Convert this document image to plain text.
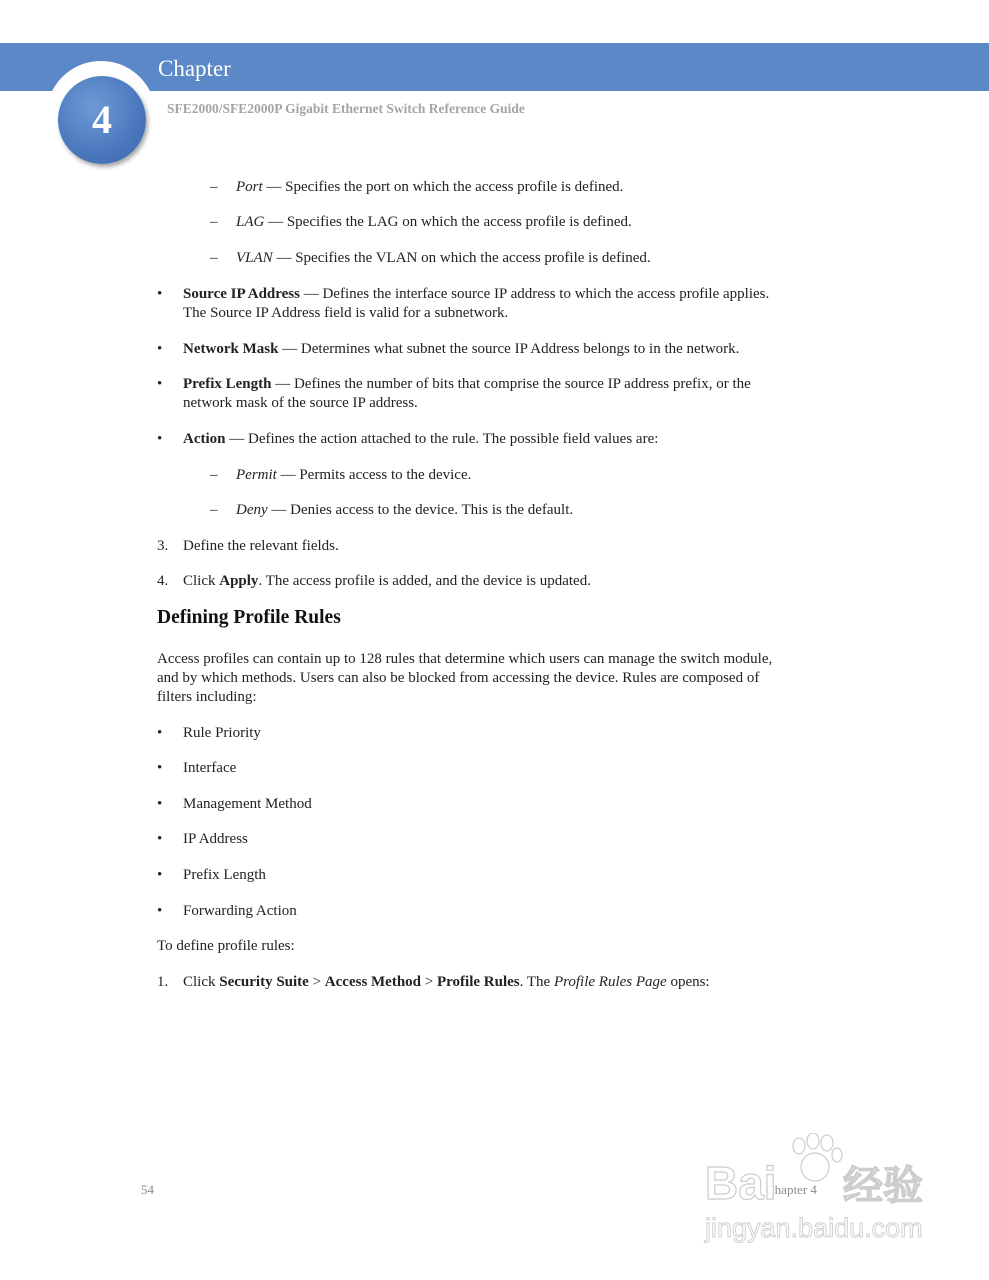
Chapter
4	SFE2000/SFE2000P Gigabit Ethernet Switch Reference Guide
– Port — Specifies the port on which the access profile is defined.
– LAG — Specifies the LAG on which the access profile is defined.
– VLAN — Specifies the VLAN on which the access profile is defined.
• Source IP Address — Defines the interface source IP address to which the access profile applies.
The Source IP Address field is valid for a subnetwork.
• Network Mask — Determines what subnet the source IP Address belongs to in the network.
• Prefix Length — Defines the number of bits that comprise the source IP address prefix, or the
network mask of the source IP address.
• Action — Defines the action attached to the rule. The possible field values are:
– Permit — Permits access to the device.
– Deny — Denies access to the device. This is the default.
3. Define the relevant fields.
4. Click Apply. The access profile is added, and the device is updated.
Defining Profile Rules
Access profiles can contain up to 128 rules that determine which users can manage the switch module,
and by which methods. Users can also be blocked from accessing the device. Rules are composed of
filters including:
• Rule Priority
• Interface
• Management Method
• IP Address
• Prefix Length
• Forwarding Action
To define profile rules:
1. Click Security Suite > Access Method > Profile Rules. The Profile Rules Page opens:
54	Chapter 4
Bai 经验
jingyan.baidu.com
